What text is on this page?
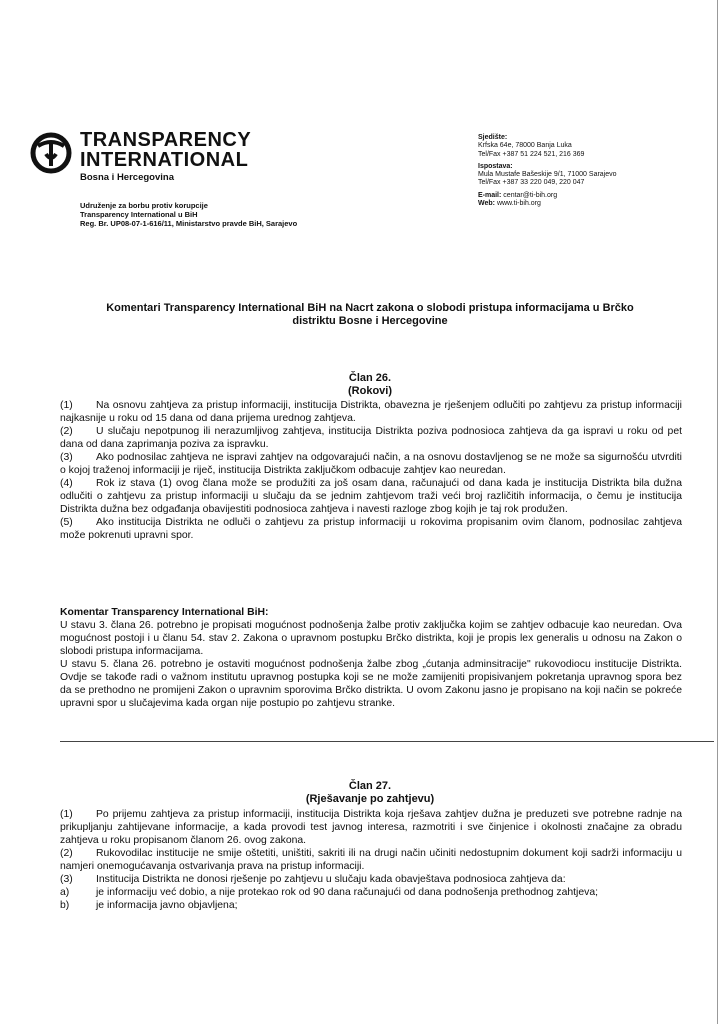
TRANSPARENCY
INTERNATIONAL
Bosna i Hercegovina
Udruženje za borbu protiv korupcije
Transparency International u BiH
Reg. Br. UP08-07-1-616/11, Ministarstvo pravde BiH, Sarajevo
Sjedište:
Krfska 64e, 78000 Banja Luka
Tel/Fax +387 51 224 521, 216 369
Ispostava:
Mula Mustafe Bašeskije 9/1, 71000 Sarajevo
Tel/Fax +387 33 220 049, 220 047
E-mail: centar@ti-bih.org
Web: www.ti-bih.org
Komentari Transparency International BiH na Nacrt zakona o slobodi pristupa informacijama u Brčko
distriktu Bosne i Hercegovine
Član 26.
(Rokovi)

(1) Na osnovu zahtjeva za pristup informaciji, institucija Distrikta, obavezna je rješenjem odlučiti po zahtjevu za pristup informaciji najkasnije u roku od 15 dana od dana prijema urednog zahtjeva.

(2) U slučaju nepotpunog ili nerazumljivog zahtjeva, institucija Distrikta poziva podnosioca zahtjeva da ga ispravi u roku od pet dana od dana zaprimanja poziva za ispravku.

(3) Ako podnosilac zahtjeva ne ispravi zahtjev na odgovarajući način, a na osnovu dostavljenog se ne može sa sigurnošću utvrditi o kojoj traženoj informaciji je riječ, institucija Distrikta zaključkom odbacuje zahtjev kao neuredan.

(4) Rok iz stava (1) ovog člana može se produžiti za još osam dana, računajući od dana kada je institucija Distrikta bila dužna odlučiti o zahtjevu za pristup informaciji u slučaju da se jednim zahtjevom traži veći broj različitih informacija, o čemu je institucija Distrikta dužna bez odgađanja obavijestiti podnosioca zahtjeva i navesti razloge zbog kojih je taj rok produžen.

(5) Ako institucija Distrikta ne odluči o zahtjevu za pristup informaciji u rokovima propisanim ovim članom, podnosilac zahtjeva može pokrenuti upravni spor.

Komentar Transparency International BiH:

U stavu 3. člana 26. potrebno je propisati mogućnost podnošenja žalbe protiv zaključka kojim se zahtjev odbacuje kao neuredan. Ova mogućnost postoji i u članu 54. stav 2. Zakona o upravnom postupku Brčko distrikta, koji je propis lex generalis u odnosu na Zakon o slobodi pristupa informacijama.

U stavu 5. člana 26. potrebno je ostaviti mogućnost podnošenja žalbe zbog „ćutanja adminsitracije" rukovodiocu institucije Distrikta. Ovdje se takođe radi o važnom institutu upravnog postupka koji se ne može zamijeniti propisivanjem pokretanja upravnog spora bez da se prethodno ne promijeni Zakon o upravnim sporovima Brčko distrikta. U ovom Zakonu jasno je propisano na koji način se pokreće upravni spor u slučajevima kada organ nije postupio po zahtjevu stranke.

Član 27.
(Rješavanje po zahtjevu)

(1) Po prijemu zahtjeva za pristup informaciji, institucija Distrikta koja rješava zahtjev dužna je preduzeti sve potrebne radnje na prikupljanju zahtijevane informacije, a kada provodi test javnog interesa, razmotriti i sve činjenice i okolnosti značajne za obradu zahtjeva u roku propisanom članom 26. ovog zakona.

(2) Rukovodilac institucije ne smije oštetiti, uništiti, sakriti ili na drugi način učiniti nedostupnim dokument koji sadrži informaciju u namjeri onemogućavanja ostvarivanja prava na pristup informaciji.

(3) Institucija Distrikta ne donosi rješenje po zahtjevu u slučaju kada obavještava podnosioca zahtjeva da:

a)	je informaciju već dobio, a nije protekao rok od 90 dana računajući od dana podnošenja prethodnog zahtjeva;

b)	je informacija javno objavljena;
